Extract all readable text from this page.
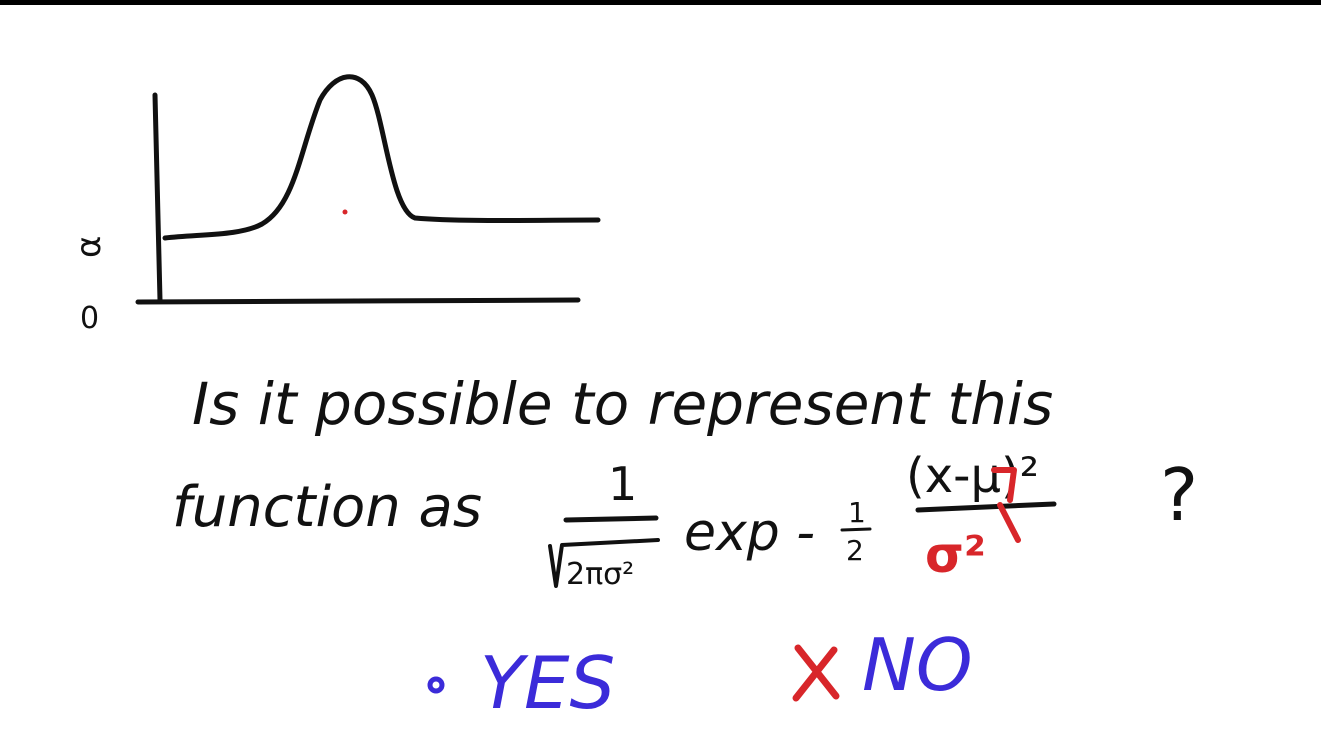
α
0
Is it possible to represent this
function as	1
2πσ²
exp - 1
2
(x-μ)²
σ²
?
YES	NO
